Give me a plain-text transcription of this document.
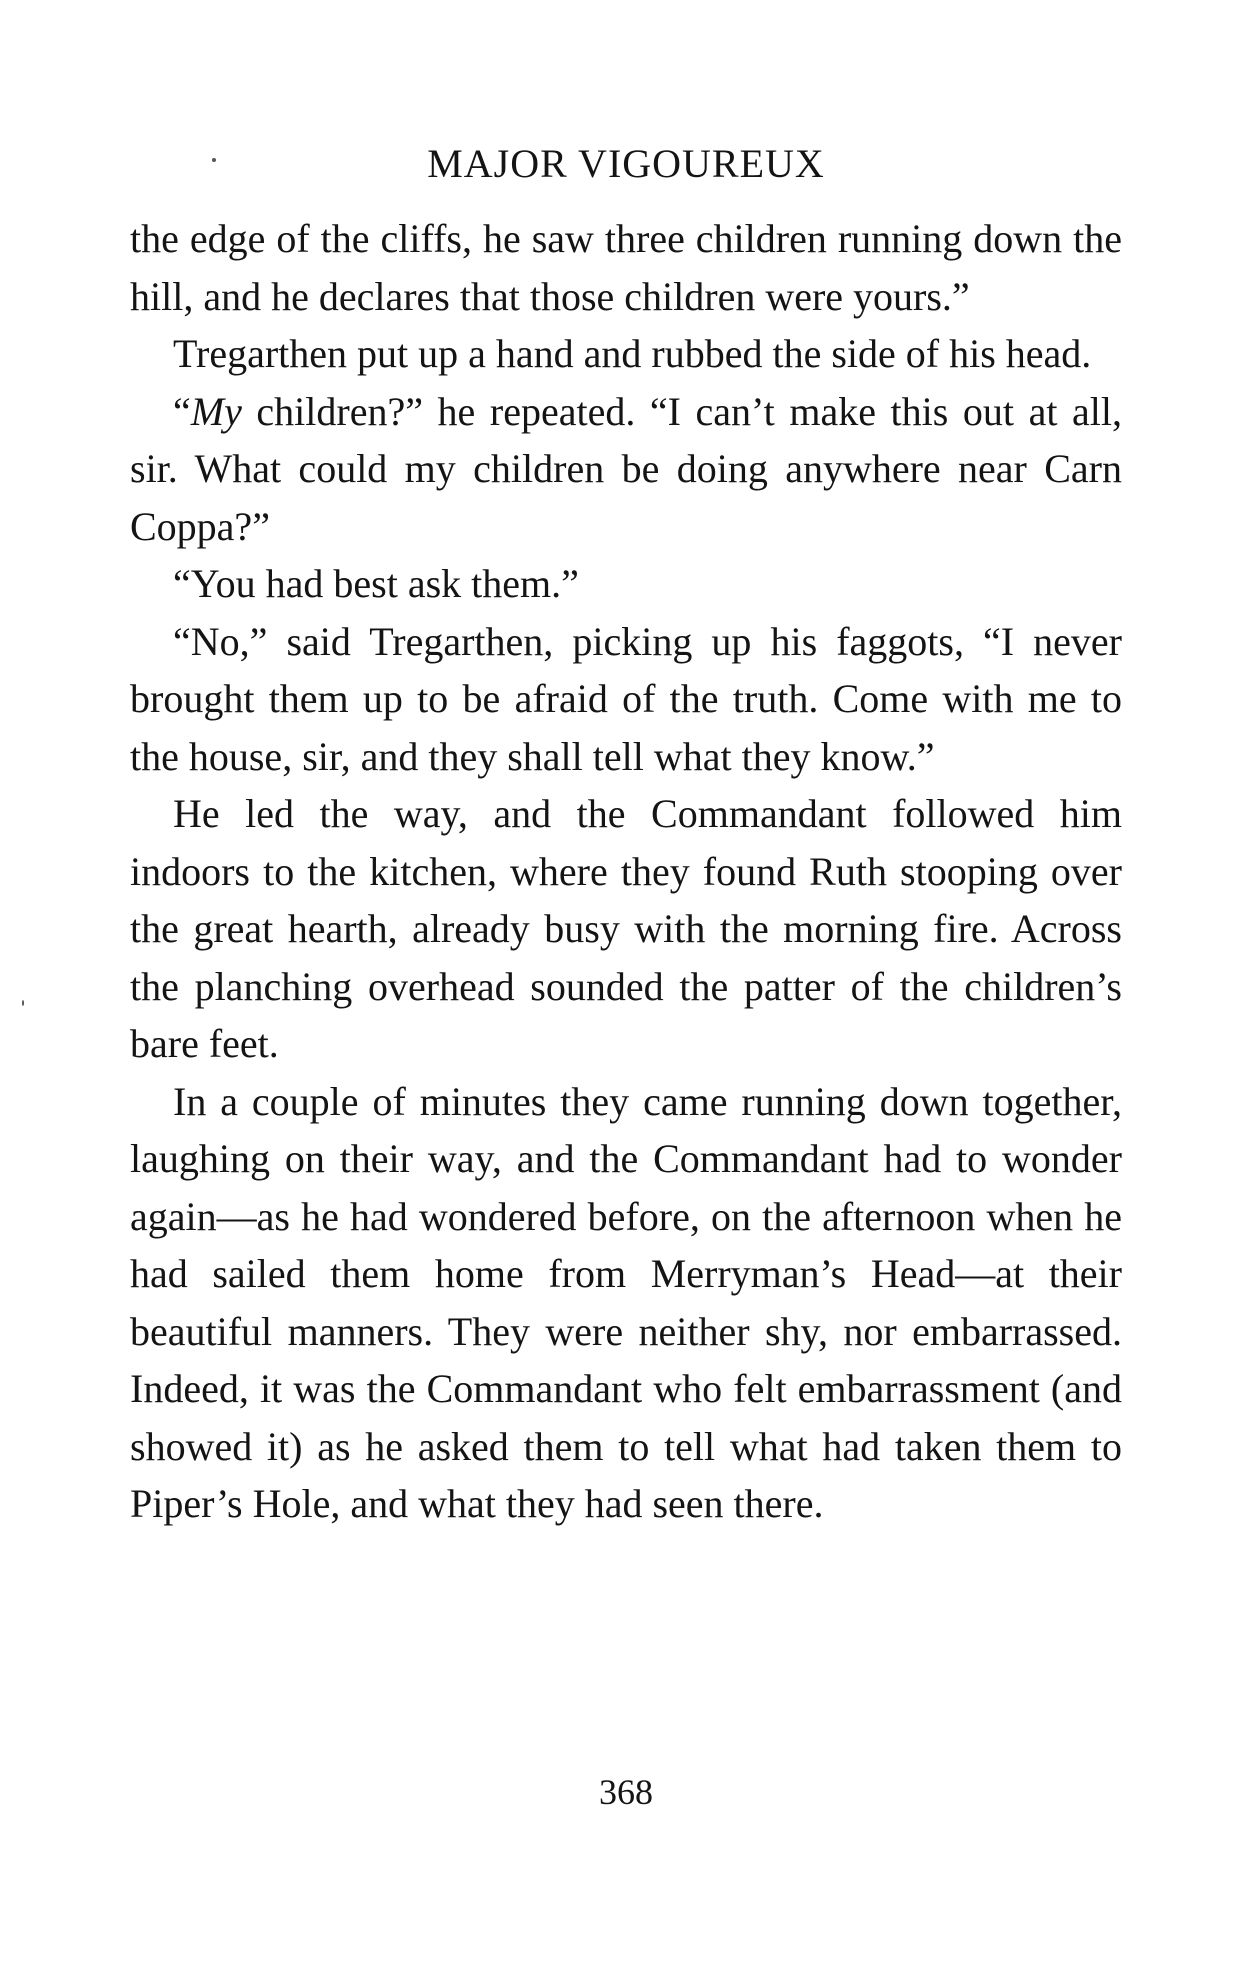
MAJOR VIGOUREUX

the edge of the cliffs, he saw three children running down the hill, and he declares that those children were yours.”

Tregarthen put up a hand and rubbed the side of his head.

“My children?” he repeated. “I can’t make this out at all, sir. What could my children be doing anywhere near Carn Coppa?”

“You had best ask them.”

“No,” said Tregarthen, picking up his faggots, “I never brought them up to be afraid of the truth. Come with me to the house, sir, and they shall tell what they know.”

He led the way, and the Commandant followed him indoors to the kitchen, where they found Ruth stooping over the great hearth, already busy with the morning fire. Across the planching overhead sounded the patter of the children’s bare feet.

In a couple of minutes they came running down together, laughing on their way, and the Commandant had to wonder again—as he had wondered before, on the afternoon when he had sailed them home from Merryman’s Head—at their beautiful manners. They were neither shy, nor embarrassed. Indeed, it was the Commandant who felt embarrassment (and showed it) as he asked them to tell what had taken them to Piper’s Hole, and what they had seen there.

368
